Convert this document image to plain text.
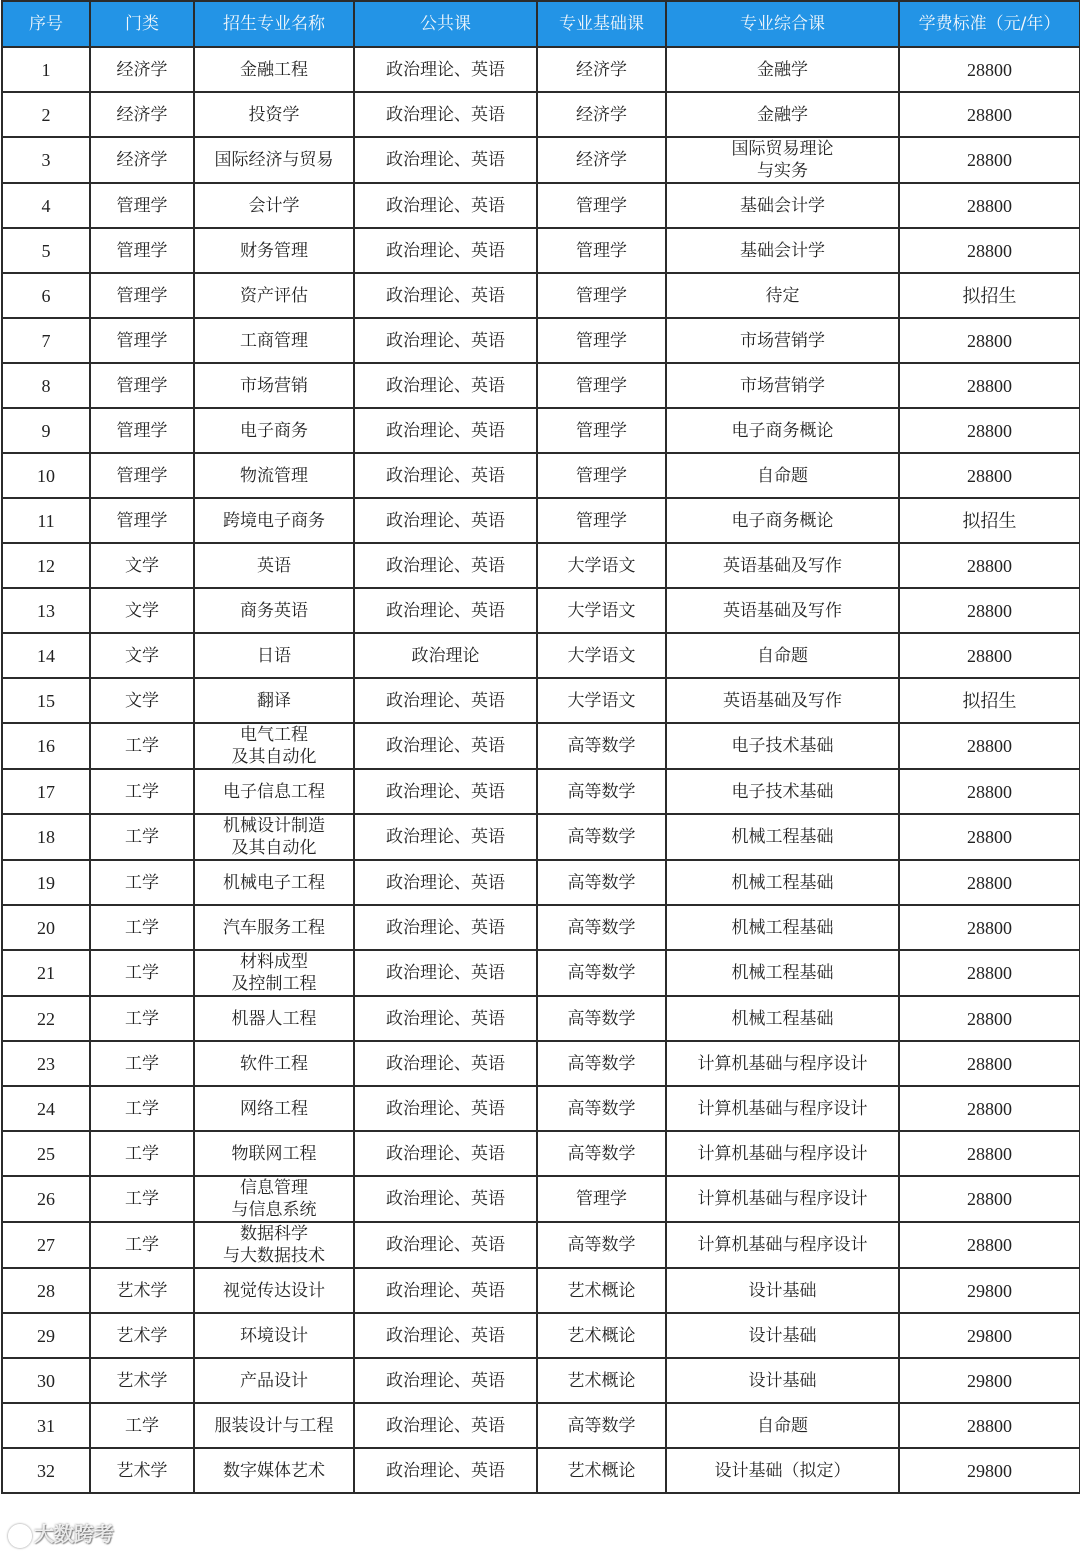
序号	门类	招生专业名称	公共课	专业基础课	专业综合课	学费标准（元/年）
1	经济学	金融工程	政治理论、英语	经济学	金融学	28800
2	经济学	投资学	政治理论、英语	经济学	金融学	28800
3	经济学	国际经济与贸易	政治理论、英语	经济学	国际贸易理论
与实务	28800
4	管理学	会计学	政治理论、英语	管理学	基础会计学	28800
5	管理学	财务管理	政治理论、英语	管理学	基础会计学	28800
6	管理学	资产评估	政治理论、英语	管理学	待定	拟招生
7	管理学	工商管理	政治理论、英语	管理学	市场营销学	28800
8	管理学	市场营销	政治理论、英语	管理学	市场营销学	28800
9	管理学	电子商务	政治理论、英语	管理学	电子商务概论	28800
10	管理学	物流管理	政治理论、英语	管理学	自命题	28800
11	管理学	跨境电子商务	政治理论、英语	管理学	电子商务概论	拟招生
12	文学	英语	政治理论、英语	大学语文	英语基础及写作	28800
13	文学	商务英语	政治理论、英语	大学语文	英语基础及写作	28800
14	文学	日语	政治理论	大学语文	自命题	28800
15	文学	翻译	政治理论、英语	大学语文	英语基础及写作	拟招生
16	工学	电气工程
及其自动化	政治理论、英语	高等数学	电子技术基础	28800
17	工学	电子信息工程	政治理论、英语	高等数学	电子技术基础	28800
18	工学	机械设计制造
及其自动化	政治理论、英语	高等数学	机械工程基础	28800
19	工学	机械电子工程	政治理论、英语	高等数学	机械工程基础	28800
20	工学	汽车服务工程	政治理论、英语	高等数学	机械工程基础	28800
21	工学	材料成型
及控制工程	政治理论、英语	高等数学	机械工程基础	28800
22	工学	机器人工程	政治理论、英语	高等数学	机械工程基础	28800
23	工学	软件工程	政治理论、英语	高等数学	计算机基础与程序设计	28800
24	工学	网络工程	政治理论、英语	高等数学	计算机基础与程序设计	28800
25	工学	物联网工程	政治理论、英语	高等数学	计算机基础与程序设计	28800
26	工学	信息管理
与信息系统	政治理论、英语	管理学	计算机基础与程序设计	28800
27	工学	数据科学
与大数据技术	政治理论、英语	高等数学	计算机基础与程序设计	28800
28	艺术学	视觉传达设计	政治理论、英语	艺术概论	设计基础	29800
29	艺术学	环境设计	政治理论、英语	艺术概论	设计基础	29800
30	艺术学	产品设计	政治理论、英语	艺术概论	设计基础	29800
31	工学	服装设计与工程	政治理论、英语	高等数学	自命题	28800
32	艺术学	数字媒体艺术	政治理论、英语	艺术概论	设计基础（拟定）	29800
大数跨考
